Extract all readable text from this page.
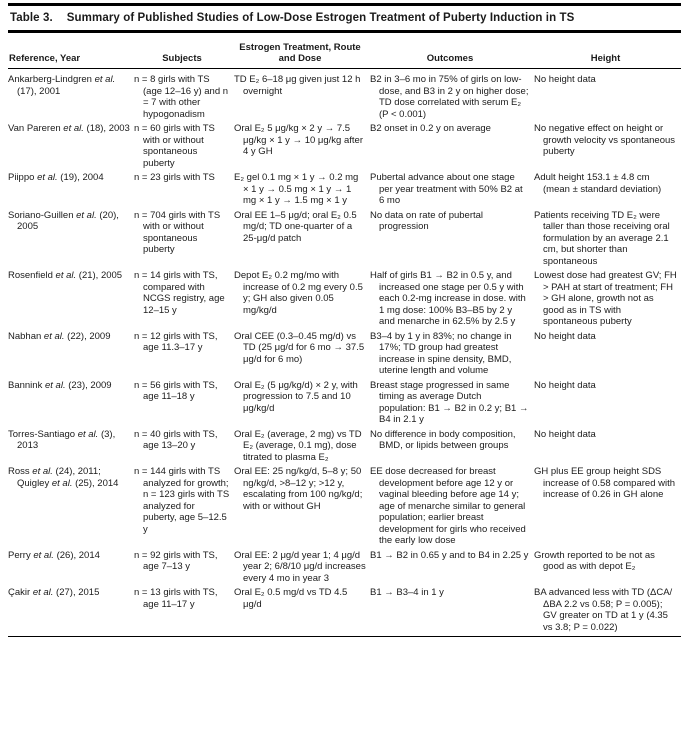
Table 3. Summary of Published Studies of Low-Dose Estrogen Treatment of Puberty Induction in TS
Reference, Year	Subjects	Estrogen Treatment, Route and Dose	Outcomes	Height

Ankarberg-Lindgren et al. (17), 2001	n = 8 girls with TS (age 12–16 y) and n = 7 with other hypogonadism	TD E₂ 6–18 μg given just 12 h overnight	B2 in 3–6 mo in 75% of girls on low-dose, and B3 in 2 y on higher dose; TD dose correlated with serum E₂ (P < 0.001)	No height data

Van Pareren et al. (18), 2003	n = 60 girls with TS with or without spontaneous puberty	Oral E₂ 5 μg/kg × 2 y → 7.5 μg/kg × 1 y → 10 μg/kg after 4 y GH	B2 onset in 0.2 y on average	No negative effect on height or growth velocity vs spontaneous puberty

Piippo et al. (19), 2004	n = 23 girls with TS	E₂ gel 0.1 mg × 1 y → 0.2 mg × 1 y → 0.5 mg × 1 y → 1 mg × 1 y → 1.5 mg × 1 y	Pubertal advance about one stage per year treatment with 50% B2 at 6 mo	Adult height 153.1 ± 4.8 cm (mean ± standard deviation)

Soriano-Guillen et al. (20), 2005	n = 704 girls with TS with or without spontaneous puberty	Oral EE 1–5 μg/d; oral E₂ 0.5 mg/d; TD one-quarter of a 25-μg/d patch	No data on rate of pubertal progression	Patients receiving TD E₂ were taller than those receiving oral formulation by an average 2.1 cm, but shorter than spontaneous

Rosenfield et al. (21), 2005	n = 14 girls with TS, compared with NCGS registry, age 12–15 y	Depot E₂ 0.2 mg/mo with increase of 0.2 mg every 0.5 y; GH also given 0.05 mg/kg/d	Half of girls B1 → B2 in 0.5 y, and increased one stage per 0.5 y with each 0.2-mg increase in dose. with 1 mg dose: 100% B3–B5 by 2 y and menarche in 62.5% by 2.5 y	Lowest dose had greatest GV; FH > PAH at start of treatment; FH > GH alone, growth not as good as in TS with spontaneous puberty

Nabhan et al. (22), 2009	n = 12 girls with TS, age 11.3–17 y	Oral CEE (0.3–0.45 mg/d) vs TD (25 μg/d for 6 mo → 37.5 μg/d for 6 mo)	B3–4 by 1 y in 83%; no change in 17%; TD group had greatest increase in spine density, BMD, uterine length and volume	No height data

Bannink et al. (23), 2009	n = 56 girls with TS, age 11–18 y	Oral E₂ (5 μg/kg/d) × 2 y, with progression to 7.5 and 10 μg/kg/d	Breast stage progressed in same timing as average Dutch population: B1 → B2 in 0.2 y; B1 → B4 in 2.1 y	No height data

Torres-Santiago et al. (3), 2013	n = 40 girls with TS, age 13–20 y	Oral E₂ (average, 2 mg) vs TD E₂ (average, 0.1 mg), dose titrated to plasma E₂	No difference in body composition, BMD, or lipids between groups	No height data

Ross et al. (24), 2011; Quigley et al. (25), 2014	n = 144 girls with TS analyzed for growth; n = 123 girls with TS analyzed for puberty, age 5–12.5 y	Oral EE: 25 ng/kg/d, 5–8 y; 50 ng/kg/d, >8–12 y; >12 y, escalating from 100 ng/kg/d; with or without GH	EE dose decreased for breast development before age 12 y or vaginal bleeding before age 14 y; age of menarche similar to general population; earlier breast development for girls who received the early low dose	GH plus EE group height SDS increase of 0.58 compared with increase of 0.26 in GH alone

Perry et al. (26), 2014	n = 92 girls with TS, age 7–13 y	Oral EE: 2 μg/d year 1; 4 μg/d year 2; 6/8/10 μg/d increases every 4 mo in year 3	B1 → B2 in 0.65 y and to B4 in 2.25 y	Growth reported to be not as good as with depot E₂

Çakir et al. (27), 2015	n = 13 girls with TS, age 11–17 y	Oral E₂ 0.5 mg/d vs TD 4.5 μg/d	B1 → B3–4 in 1 y	BA advanced less with TD (ΔCA/ΔBA 2.2 vs 0.58; P = 0.005); GV greater on TD at 1 y (4.35 vs 3.8; P = 0.022)
